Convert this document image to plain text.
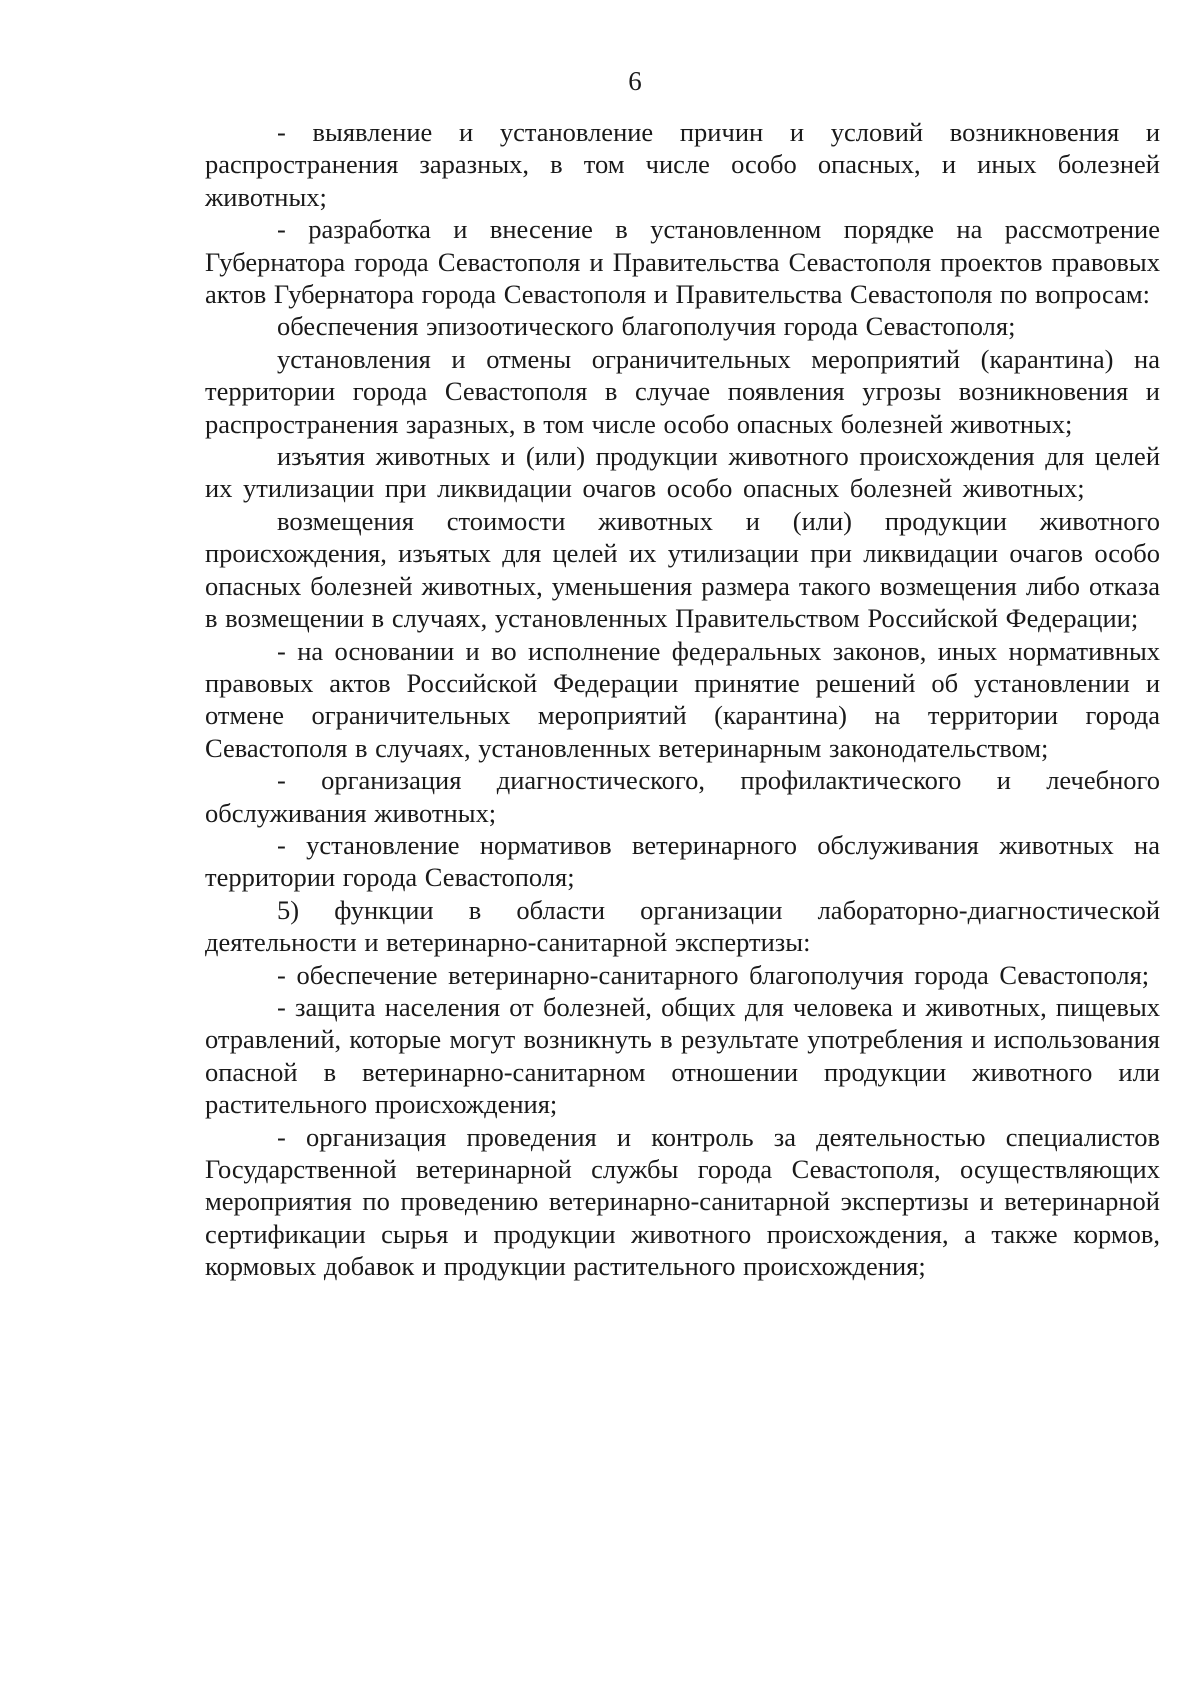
6

- выявление и установление причин и условий возникновения и распространения заразных, в том числе особо опасных, и иных болезней животных;

- разработка и внесение в установленном порядке на рассмотрение Губернатора города Севастополя и Правительства Севастополя проектов правовых актов Губернатора города Севастополя и Правительства Севастополя по вопросам:

обеспечения эпизоотического благополучия города Севастополя;

установления и отмены ограничительных мероприятий (карантина) на территории города Севастополя в случае появления угрозы возникновения и распространения заразных, в том числе особо опасных болезней животных;

изъятия животных и (или) продукции животного происхождения для целей их утилизации при ликвидации очагов особо опасных болезней животных;

возмещения стоимости животных и (или) продукции животного происхождения, изъятых для целей их утилизации при ликвидации очагов особо опасных болезней животных, уменьшения размера такого возмещения либо отказа в возмещении в случаях, установленных Правительством Российской Федерации;

- на основании и во исполнение федеральных законов, иных нормативных правовых актов Российской Федерации принятие решений об установлении и отмене ограничительных мероприятий (карантина) на территории города Севастополя в случаях, установленных ветеринарным законодательством;

- организация диагностического, профилактического и лечебного обслуживания животных;

- установление нормативов ветеринарного обслуживания животных на территории города Севастополя;

5) функции в области организации лабораторно-диагностической деятельности и ветеринарно-санитарной экспертизы:

- обеспечение ветеринарно-санитарного благополучия города Севастополя;

- защита населения от болезней, общих для человека и животных, пищевых отравлений, которые могут возникнуть в результате употребления и использования опасной в ветеринарно-санитарном отношении продукции животного или растительного происхождения;

- организация проведения и контроль за деятельностью специалистов Государственной ветеринарной службы города Севастополя, осуществляющих мероприятия по проведению ветеринарно-санитарной экспертизы и ветеринарной сертификации сырья и продукции животного происхождения, а также кормов, кормовых добавок и продукции растительного происхождения;
